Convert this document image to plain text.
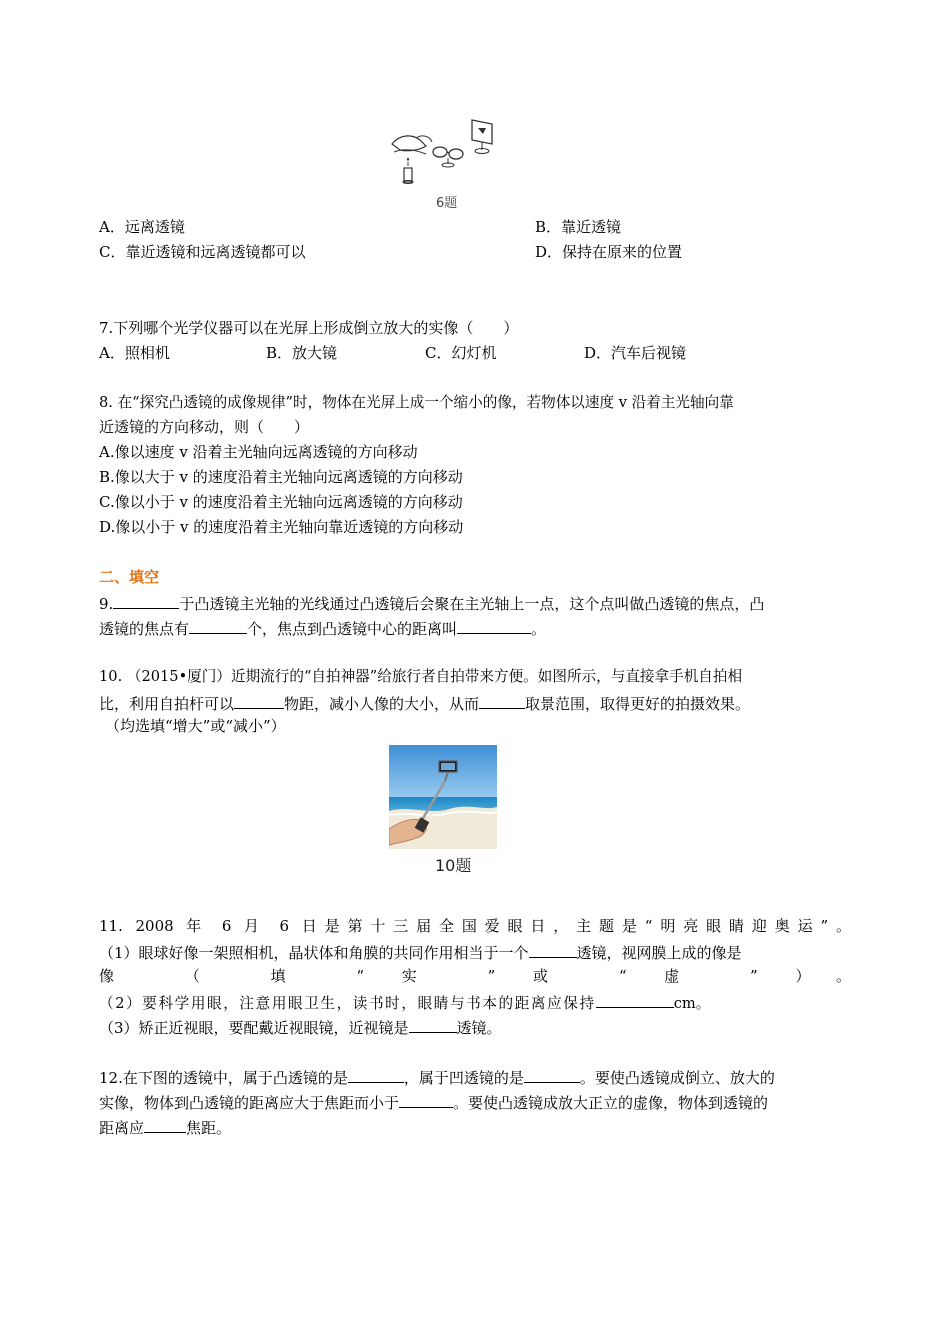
6题
A．远离透镜	B．靠近透镜
C．靠近透镜和远离透镜都可以	D．保持在原来的位置
7.下列哪个光学仪器可以在光屏上形成倒立放大的实像（　　）
A．照相机	B．放大镜	C．幻灯机	D．汽车后视镜
8. 在“探究凸透镜的成像规律”时，物体在光屏上成一个缩小的像，若物体以速度 v 沿着主光轴向靠
近透镜的方向移动，则（　　）
A.像以速度 v 沿着主光轴向远离透镜的方向移动
B.像以大于 v 的速度沿着主光轴向远离透镜的方向移动
C.像以小于 v 的速度沿着主光轴向远离透镜的方向移动
D.像以小于 v 的速度沿着主光轴向靠近透镜的方向移动
二、填空
9.	于凸透镜主光轴的光线通过凸透镜后会聚在主光轴上一点，这个点叫做凸透镜的焦点，凸
透镜的焦点有	个，焦点到凸透镜中心的距离叫	。
10. （2015•厦门）近期流行的“自拍神器”给旅行者自拍带来方便。如图所示，与直接拿手机自拍相
比，利用自拍杆可以	物距，减小人像的大小，从而	取景范围，取得更好的拍摄效果。
（均选填“增大”或“减小”）
10题
11. 2008 年 6 月 6 日是第十三届全国爱眼日，主题是“明亮眼睛迎奥运”。
（1）眼球好像一架照相机，晶状体和角膜的共同作用相当于一个	透镜，视网膜上成的像是
像 （ 填 “ 实 ” 或 “ 虚 ” ）。
（2）要科学用眼，注意用眼卫生，读书时，眼睛与书本的距离应保持	cm。
（3）矫正近视眼，要配戴近视眼镜，近视镜是	透镜。
12.在下图的透镜中，属于凸透镜的是	，属于凹透镜的是	。要使凸透镜成倒立、放大的
实像，物体到凸透镜的距离应大于焦距而小于	。要使凸透镜成放大正立的虚像，物体到透镜的
距离应	焦距。
